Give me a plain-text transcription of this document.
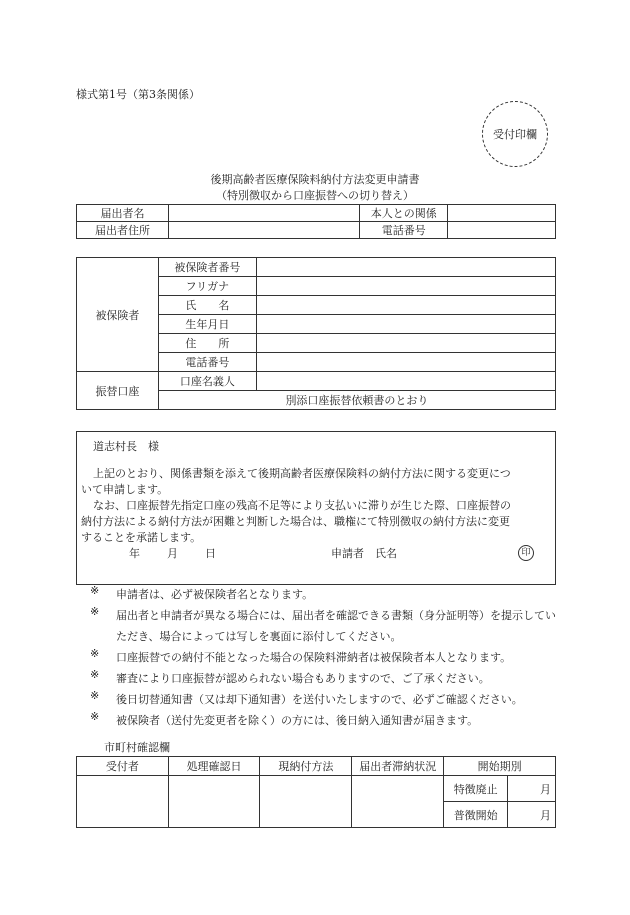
様式第1号（第3条関係）
受付印欄
後期高齢者医療保険料納付方法変更申請書
（特別徴収から口座振替への切り替え）
届出者名		本人との関係	
届出者住所		電話番号	
被保険者	被保険者番号	
	フリガナ	
	氏　　名	
	生年月日	
	住　　所	
	電話番号	
振替口座	口座名義人	
	別添口座振替依頼書のとおり	
道志村長　様
上記のとおり、関係書類を添えて後期高齢者医療保険料の納付方法に関する変更につ
いて申請します。
なお、口座振替先指定口座の残高不足等により支払いに滞りが生じた際、口座振替の
納付方法による納付方法が困難と判断した場合は、職権にて特別徴収の納付方法に変更
することを承諾します。
年 月 日	申請者　氏名	印
※ 申請者は、必ず被保険者名となります。
※ 届出者と申請者が異なる場合には、届出者を確認できる書類（身分証明等）を提示していただき、場合によっては写しを裏面に添付してください。
※ 口座振替での納付不能となった場合の保険料滞納者は被保険者本人となります。
※ 審査により口座振替が認められない場合もありますので、ご了承ください。
※ 後日切替通知書（又は却下通知書）を送付いたしますので、必ずご確認ください。
※ 被保険者（送付先変更者を除く）の方には、後日納入通知書が届きます。
市町村確認欄
受付者	処理確認日	現納付方法	届出者滞納状況	開始期別	
				特徴廃止	月
				普徴開始	月
